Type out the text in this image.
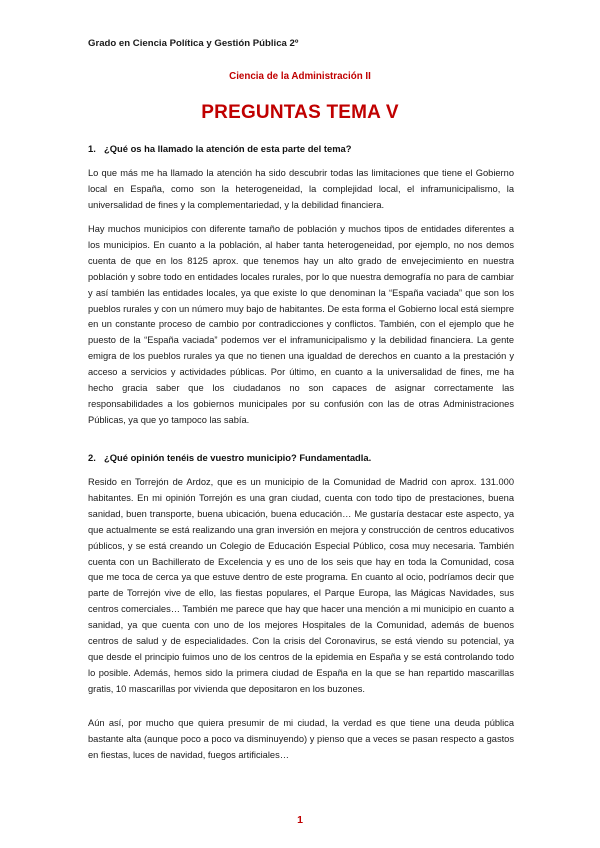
Grado en Ciencia Política y Gestión Pública 2º
Ciencia de la Administración II
PREGUNTAS TEMA V
1. ¿Qué os ha llamado la atención de esta parte del tema?
Lo que más me ha llamado la atención ha sido descubrir todas las limitaciones que tiene el Gobierno local en España, como son la heterogeneidad, la complejidad local, el inframunicipalismo, la universalidad de fines y la complementariedad, y la debilidad financiera.
Hay muchos municipios con diferente tamaño de población y muchos tipos de entidades diferentes a los municipios. En cuanto a la población, al haber tanta heterogeneidad, por ejemplo, no nos demos cuenta de que en los 8125 aprox. que tenemos hay un alto grado de envejecimiento en nuestra población y sobre todo en entidades locales rurales, por lo que nuestra demografía no para de cambiar y así también las entidades locales, ya que existe lo que denominan la “España vaciada” que son los pueblos rurales y con un número muy bajo de habitantes. De esta forma el Gobierno local está siempre en un constante proceso de cambio por contradicciones y conflictos. También, con el ejemplo que he puesto de la “España vaciada” podemos ver el inframunicipalismo y la debilidad financiera. La gente emigra de los pueblos rurales ya que no tienen una igualdad de derechos en cuanto a la prestación y acceso a servicios y actividades públicas. Por último, en cuanto a la universalidad de fines, me ha hecho gracia saber que los ciudadanos no son capaces de asignar correctamente las responsabilidades a los gobiernos municipales por su confusión con las de otras Administraciones Públicas, ya que yo tampoco las sabía.
2. ¿Qué opinión tenéis de vuestro municipio? Fundamentadla.
Resido en Torrejón de Ardoz, que es un municipio de la Comunidad de Madrid con aprox. 131.000 habitantes. En mi opinión Torrejón es una gran ciudad, cuenta con todo tipo de prestaciones, buena sanidad, buen transporte, buena ubicación, buena educación… Me gustaría destacar este aspecto, ya que actualmente se está realizando una gran inversión en mejora y construcción de centros educativos públicos, y se está creando un Colegio de Educación Especial Público, cosa muy necesaria. También cuenta con un Bachillerato de Excelencia y es uno de los seis que hay en toda la Comunidad, cosa que me toca de cerca ya que estuve dentro de este programa. En cuanto al ocio, podríamos decir que parte de Torrejón vive de ello, las fiestas populares, el Parque Europa, las Mágicas Navidades, sus centros comerciales… También me parece que hay que hacer una mención a mi municipio en cuanto a sanidad, ya que cuenta con uno de los mejores Hospitales de la Comunidad, además de buenos centros de salud y de especialidades. Con la crisis del Coronavirus, se está viendo su potencial, ya que desde el principio fuimos uno de los centros de la epidemia en España y se está controlando todo lo posible. Además, hemos sido la primera ciudad de España en la que se han repartido mascarillas gratis, 10 mascarillas por vivienda que depositaron en los buzones.
Aún así, por mucho que quiera presumir de mi ciudad, la verdad es que tiene una deuda pública bastante alta (aunque poco a poco va disminuyendo) y pienso que a veces se pasan respecto a gastos en fiestas, luces de navidad, fuegos artificiales…
1
